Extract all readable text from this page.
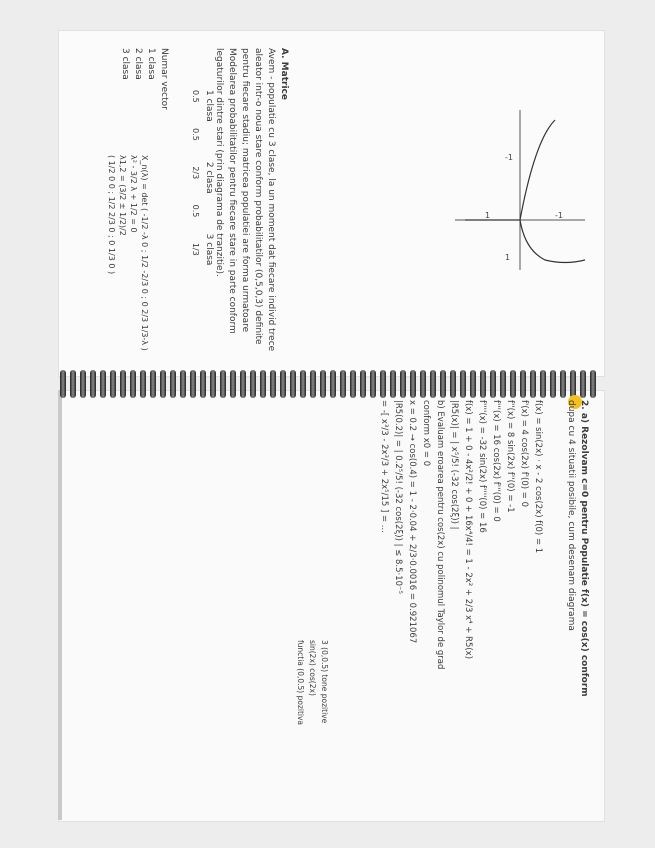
A. Matrice
Avem - populatie cu 3 clase, la un moment dat fiecare individ trece
aleator intr-o noua stare conform probabilitatilor (0,5,0,3) definite
pentru fiecare stadiu; matricea populatiei are forma urmatoare
Modelarea probabilitatilor pentru fiecare stare in parte conform
legaturilor dintre stari (prin diagrama de tranzitie).
1 clasa              2 clasa              3 clasa
0.5          0.5          2/3          0.5          1/3
Numar vector
1 clasa
2 clasa
3 clasa
X_n(λ) = det ( -1/2 -λ 0 ; 1/2 -2/3 0 ; 0 2/3 1/3-λ )
λ² - 3/2 λ + 1/2 = 0
λ1,2 = (3/2 ± 1/2)/2
( 1/2 0 0 ; 1/2 2/3 0 ; 0 1/3 0 )	1	-1
-1
1
2. a) Rezolvam c=0 pentru Populatie f(x) = cos(x) conform
dupa cu 4 situatii posibile, cum desenam diagrama
f(x) = sin(2x) · x - 2 cos(2x) f(0) = 1
f'(x) = 4 cos(2x) f'(0) = 0
f''(x) = 8 sin(2x) f''(0) = -1
f'''(x) = 16 cos(2x) f'''(0) = 0
f''''(x) = -32 sin(2x) f''''(0) = 16
f(x) = 1 + 0 - 4x²/2! + 0 + 16x⁴/4! = 1 - 2x² + 2/3 x⁴ + R5(x)
|R5(x)| = | x⁵/5! (-32 cos(2ξ)) |
b) Evaluam eroarea pentru cos(2x) cu polinomul Taylor de grad
conform x0 = 0
x = 0.2 → cos(0.4) = 1 - 2·0.04 + 2/3·0.0016 = 0.921067
|R5(0.2)| = | 0.2⁵/5! (-32 cos(2ξ)) | ≤ 8.5·10⁻⁵
= -[ x³/3 - 2x³/3 + 2x⁵/15 ] = ...
3 (0,0.5) tone pozitive
sin(2x) cos(2x)
functia (0,0.5) pozitiva
